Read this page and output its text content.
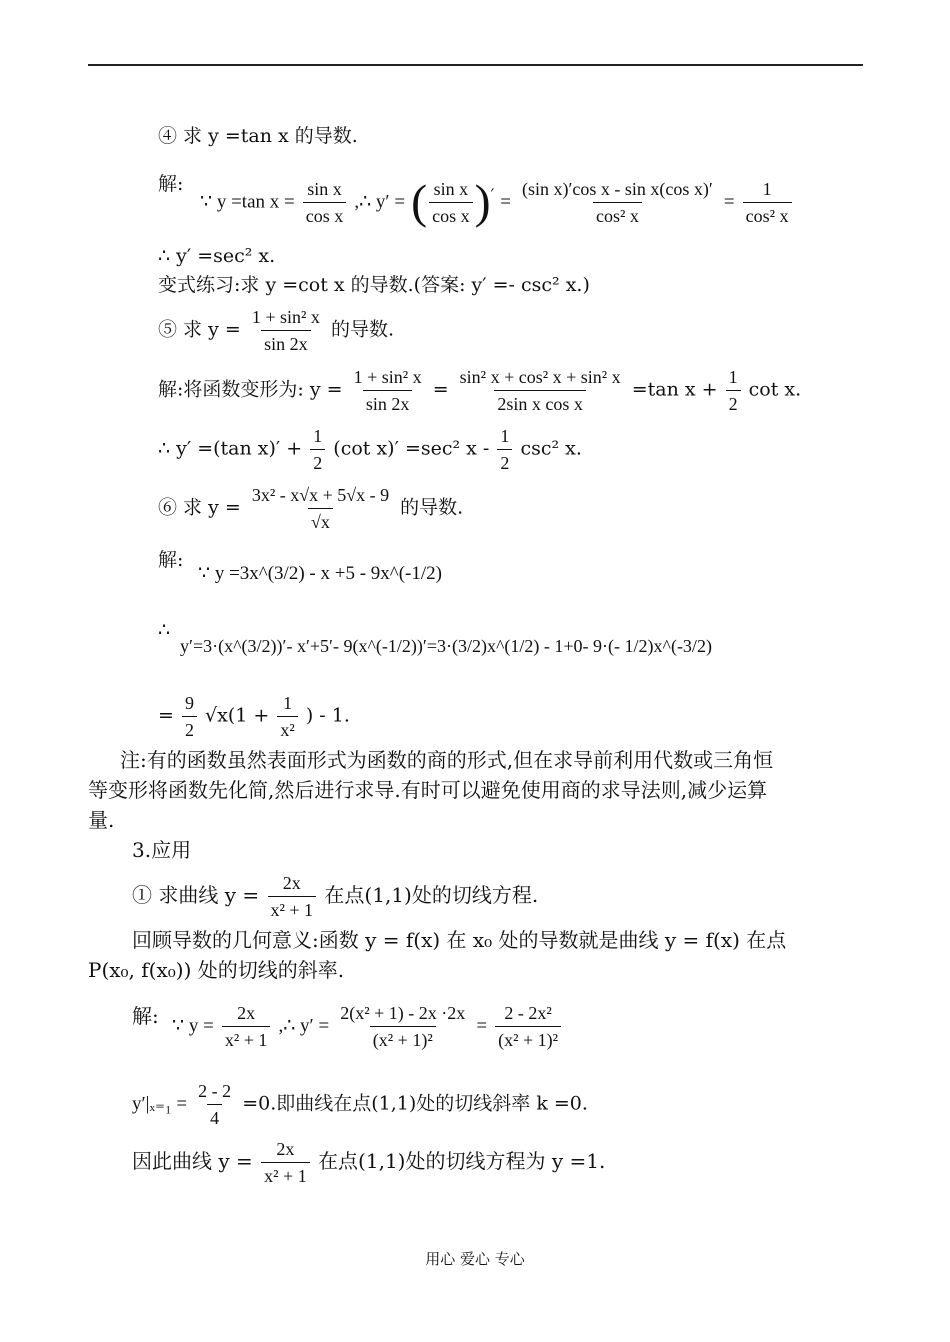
④ 求 y =tan x 的导数.
解:
∵ y =tan $x = \frac{\text{sin x}}{\text{cos x}}$ ,∴ y′ = ( $\frac{\text{sin x}}{\text{cos x}} )' = \frac{\text{(sin x)′cos x - sin x(cos x)′}}{\text{cos² x}} = \frac{1}{\text{cos² x}}$
∴ y′ =sec² x.
变式练习:求 y =cot x 的导数.(答案: y′ =- csc² x.)
⑤ 求 $y = \frac{\text{1 + sin² x}}{\sin 2x}$ 的导数.
解:将函数变形为: $y = \frac{\text{1 + sin² x}}{\sin 2x} = \frac{\text{sin² x + cos² x + sin² x}}{\text{2sin x cos x}} =\tan$ $x + \frac{1}{2}$ cot x.
∴ y′ =(tan $x)' + \frac{1}{2} (\cot$ x)′ =sec² x - $\frac{1}{2} \csc^2$ x.
⑥ 求 $y = \frac{\text{3x² - x√x + 5√x - 9}}{√x}$ 的导数.
解:
∵ y =3x^(3/2) - x +5 - 9x^(-1/2)
∴
y′=3·(x^(3/2))′- x′+5′- 9(x^(-1/2))′=3·(3/2)x^(1/2) - 1+0- 9·(- 1/2)x^(-3/2)
= $\frac{9}{2} √x(1 + \frac{1}{\text{x²}}$ ) - 1.
注:有的函数虽然表面形式为函数的商的形式,但在求导前利用代数或三角恒
等变形将函数先化简,然后进行求导.有时可以避免使用商的求导法则,减少运算
量.
3.应用
① 求曲线 $y = \frac{2x}{\text{x² + 1}}$ 在点(1,1)处的切线方程.
回顾导数的几何意义:函数 y = f(x) 在 x₀ 处的导数就是曲线 y = f(x) 在点
P(x₀, f(x₀)) 处的切线的斜率.
解: ∵ $y = \frac{2x}{\text{x² + 1}}$ ,∴ $y' = \frac{\text{2(x² + 1) - 2x ·2x}}{\text{(x² + 1)²}} = \frac{\text{2 - 2x²}}{\text{(x² + 1)²}}$
$y'|_{x=1} = \frac{2 - 2}{4} =0$.即曲线在点(1,1)处的切线斜率 k =0.
因此曲线 $y = \frac{2x}{\text{x² + 1}}$ 在点(1,1)处的切线方程为 y =1.
用心 爱心 专心
